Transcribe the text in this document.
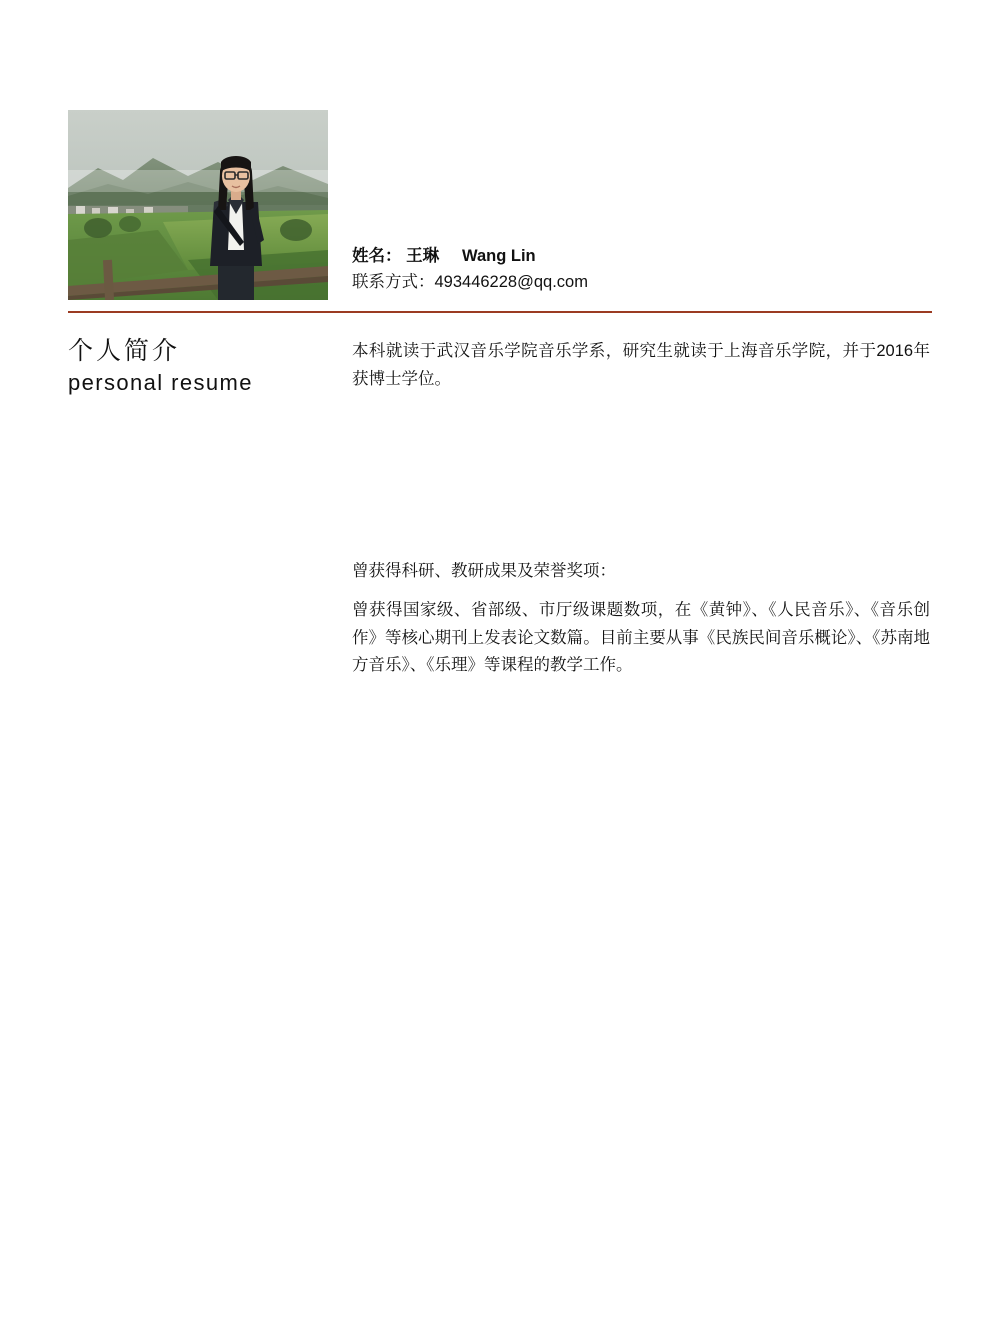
姓名： 王琳     Wang Lin
联系方式：493446228@qq.com
个人简介
personal resume

本科就读于武汉音乐学院音乐学系，研究生就读于上海音乐学院，并于2016年获博士学位。

曾获得科研、教研成果及荣誉奖项：

曾获得国家级、省部级、市厅级课题数项，在《黄钟》、《人民音乐》、《音乐创作》等核心期刊上发表论文数篇。目前主要从事《民族民间音乐概论》、《苏南地方音乐》、《乐理》等课程的教学工作。
